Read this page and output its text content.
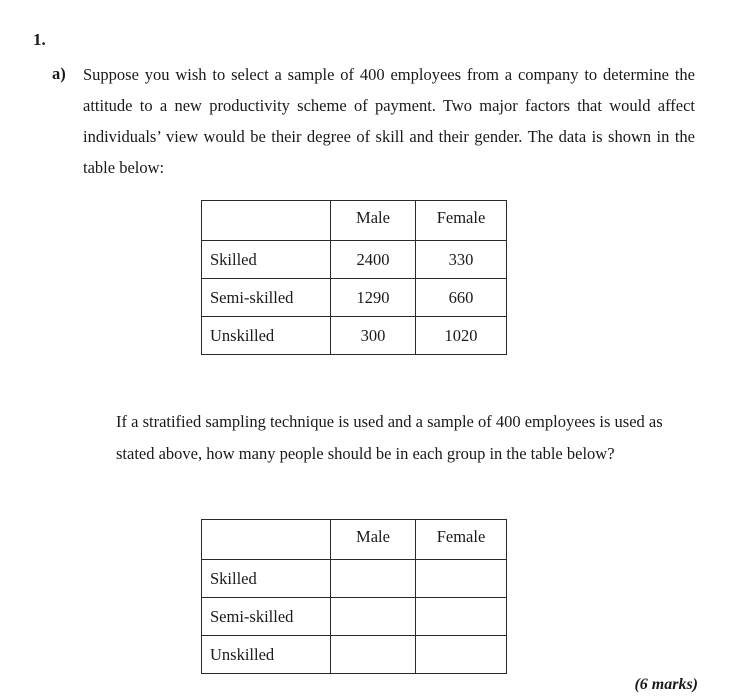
1.
a) Suppose you wish to select a sample of 400 employees from a company to determine the attitude to a new productivity scheme of payment. Two major factors that would affect individuals’ view would be their degree of skill and their gender. The data is shown in the table below:
	Male	Female
Skilled	2400	330
Semi-skilled	1290	660
Unskilled	300	1020
If a stratified sampling technique is used and a sample of 400 employees is used as stated above, how many people should be in each group in the table below?
	Male	Female
Skilled		
Semi-skilled		
Unskilled		
(6 marks)
